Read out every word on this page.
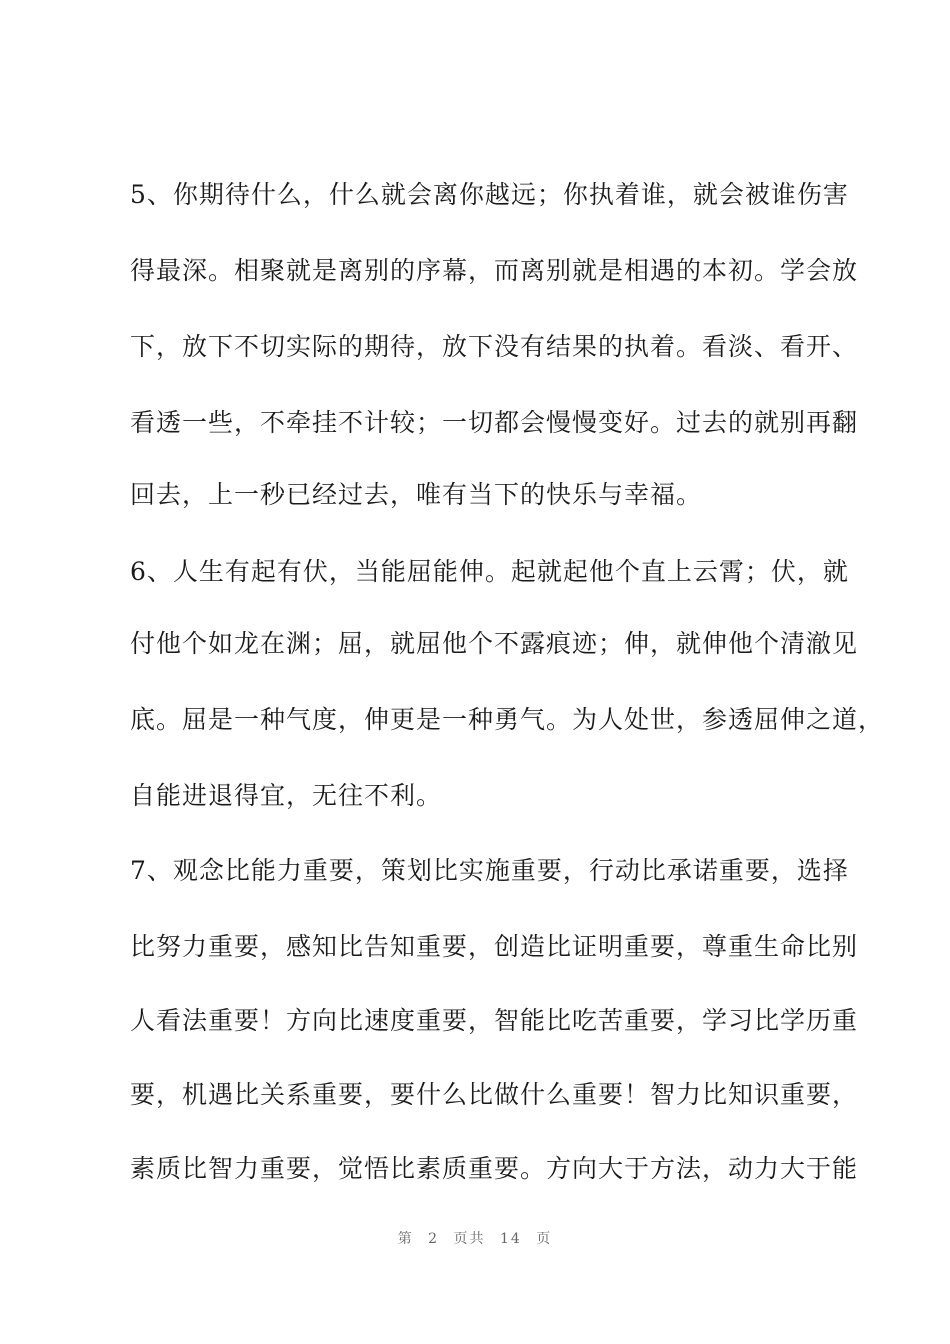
5、你期待什么，什么就会离你越远；你执着谁，就会被谁伤害
得最深。相聚就是离别的序幕，而离别就是相遇的本初。学会放
下，放下不切实际的期待，放下没有结果的执着。看淡、看开、
看透一些，不牵挂不计较；一切都会慢慢变好。过去的就别再翻
回去，上一秒已经过去，唯有当下的快乐与幸福。
6、人生有起有伏，当能屈能伸。起就起他个直上云霄；伏，就
付他个如龙在渊；屈，就屈他个不露痕迹；伸，就伸他个清澈见
底。屈是一种气度，伸更是一种勇气。为人处世，参透屈伸之道，
自能进退得宜，无往不利。
7、观念比能力重要，策划比实施重要，行动比承诺重要，选择
比努力重要，感知比告知重要，创造比证明重要，尊重生命比别
人看法重要！方向比速度重要，智能比吃苦重要，学习比学历重
要，机遇比关系重要，要什么比做什么重要！智力比知识重要，
素质比智力重要，觉悟比素质重要。方向大于方法，动力大于能
第 2 页共 14 页
